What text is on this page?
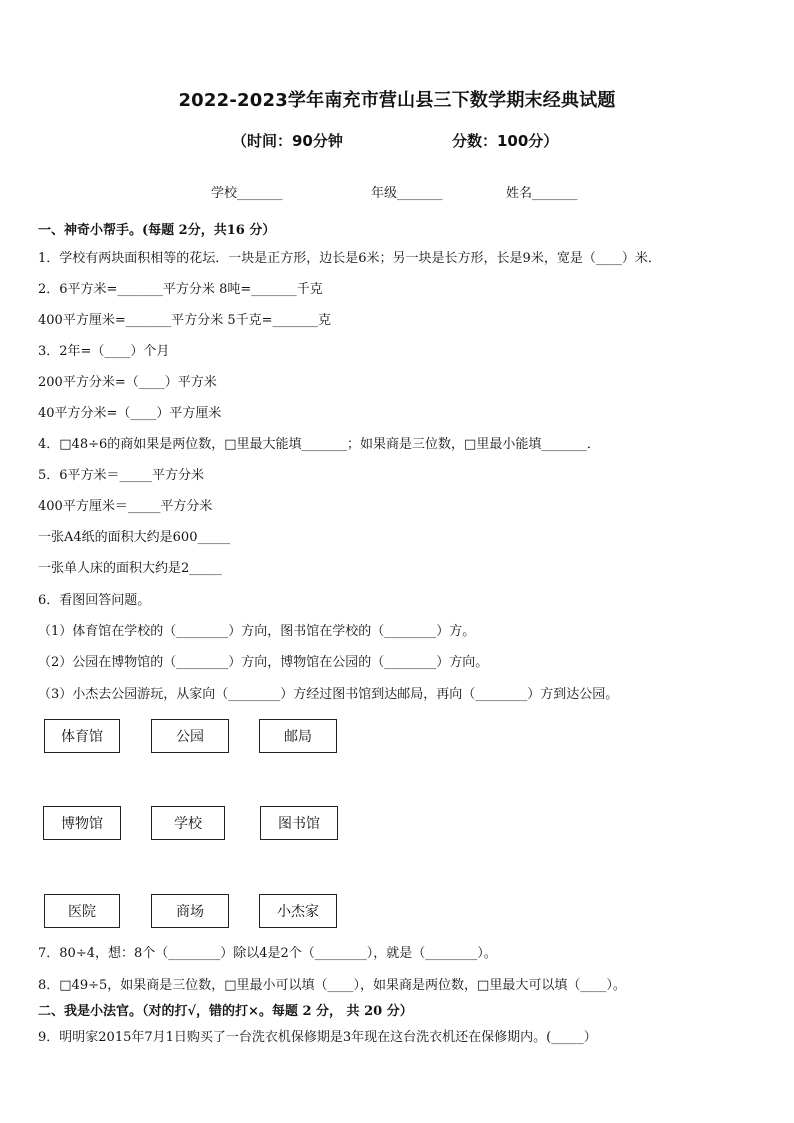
2022-2023学年南充市营山县三下数学期末经典试题
（时间：90分钟	分数：100分）
学校_______	年级_______	姓名_______
一、神奇小帮手。(每题 2分，共16 分）
1．学校有两块面积相等的花坛．一块是正方形，边长是6米；另一块是长方形，长是9米，宽是（____）米．
2．6平方米=_______平方分米 8吨=_______千克
400平方厘米=_______平方分米 5千克=_______克
3．2年=（____）个月
200平方分米=（____）平方米
40平方分米=（____）平方厘米
4．□48÷6的商如果是两位数，□里最大能填_______；如果商是三位数，□里最小能填_______．
5．6平方米＝_____平方分米
400平方厘米＝_____平方分米
一张A4纸的面积大约是600_____
一张单人床的面积大约是2_____
6．看图回答问题。
（1）体育馆在学校的（________）方向，图书馆在学校的（________）方。
（2）公园在博物馆的（________）方向，博物馆在公园的（________）方向。
（3）小杰去公园游玩，从家向（________）方经过图书馆到达邮局，再向（________）方到达公园。
体育馆	公园	邮局
博物馆	学校	图书馆
医院	商场	小杰家
7．80÷4，想：8个（________）除以4是2个（________），就是（________）。
8．□49÷5，如果商是三位数，□里最小可以填（____），如果商是两位数，□里最大可以填（____）。
二、我是小法官。（对的打√，错的打×。每题 2 分， 共 20 分）
9．明明家2015年7月1日购买了一台洗衣机保修期是3年现在这台洗衣机还在保修期内。(_____）
